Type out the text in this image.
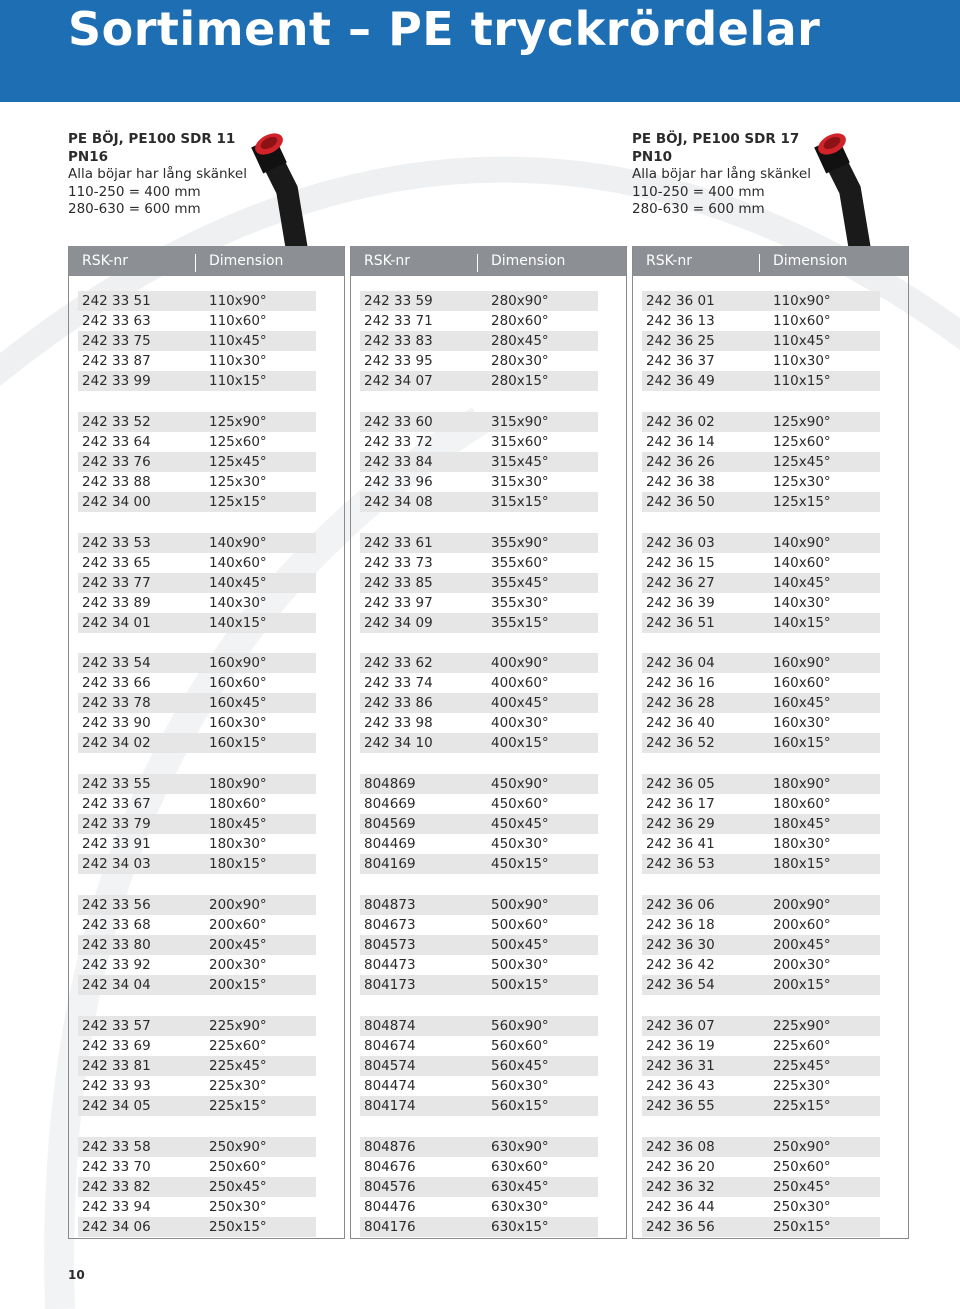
Sortiment – PE tryckrördelar
PE BÖJ, PE100 SDR 11
PN16
Alla böjar har lång skänkel
110-250 = 400 mm
280-630 = 600 mm
PE BÖJ, PE100 SDR 17
PN10
Alla böjar har lång skänkel
110-250 = 400 mm
280-630 = 600 mm
RSK-nr	Dimension
242 33 51	110x90°
242 33 63	110x60°
242 33 75	110x45°
242 33 87	110x30°
242 33 99	110x15°
242 33 52	125x90°
242 33 64	125x60°
242 33 76	125x45°
242 33 88	125x30°
242 34 00	125x15°
242 33 53	140x90°
242 33 65	140x60°
242 33 77	140x45°
242 33 89	140x30°
242 34 01	140x15°
242 33 54	160x90°
242 33 66	160x60°
242 33 78	160x45°
242 33 90	160x30°
242 34 02	160x15°
242 33 55	180x90°
242 33 67	180x60°
242 33 79	180x45°
242 33 91	180x30°
242 34 03	180x15°
242 33 56	200x90°
242 33 68	200x60°
242 33 80	200x45°
242 33 92	200x30°
242 34 04	200x15°
242 33 57	225x90°
242 33 69	225x60°
242 33 81	225x45°
242 33 93	225x30°
242 34 05	225x15°
242 33 58	250x90°
242 33 70	250x60°
242 33 82	250x45°
242 33 94	250x30°
242 34 06	250x15°
RSK-nr	Dimension
242 33 59	280x90°
242 33 71	280x60°
242 33 83	280x45°
242 33 95	280x30°
242 34 07	280x15°
242 33 60	315x90°
242 33 72	315x60°
242 33 84	315x45°
242 33 96	315x30°
242 34 08	315x15°
242 33 61	355x90°
242 33 73	355x60°
242 33 85	355x45°
242 33 97	355x30°
242 34 09	355x15°
242 33 62	400x90°
242 33 74	400x60°
242 33 86	400x45°
242 33 98	400x30°
242 34 10	400x15°
804869	450x90°
804669	450x60°
804569	450x45°
804469	450x30°
804169	450x15°
804873	500x90°
804673	500x60°
804573	500x45°
804473	500x30°
804173	500x15°
804874	560x90°
804674	560x60°
804574	560x45°
804474	560x30°
804174	560x15°
804876	630x90°
804676	630x60°
804576	630x45°
804476	630x30°
804176	630x15°
RSK-nr	Dimension
242 36 01	110x90°
242 36 13	110x60°
242 36 25	110x45°
242 36 37	110x30°
242 36 49	110x15°
242 36 02	125x90°
242 36 14	125x60°
242 36 26	125x45°
242 36 38	125x30°
242 36 50	125x15°
242 36 03	140x90°
242 36 15	140x60°
242 36 27	140x45°
242 36 39	140x30°
242 36 51	140x15°
242 36 04	160x90°
242 36 16	160x60°
242 36 28	160x45°
242 36 40	160x30°
242 36 52	160x15°
242 36 05	180x90°
242 36 17	180x60°
242 36 29	180x45°
242 36 41	180x30°
242 36 53	180x15°
242 36 06	200x90°
242 36 18	200x60°
242 36 30	200x45°
242 36 42	200x30°
242 36 54	200x15°
242 36 07	225x90°
242 36 19	225x60°
242 36 31	225x45°
242 36 43	225x30°
242 36 55	225x15°
242 36 08	250x90°
242 36 20	250x60°
242 36 32	250x45°
242 36 44	250x30°
242 36 56	250x15°
10
